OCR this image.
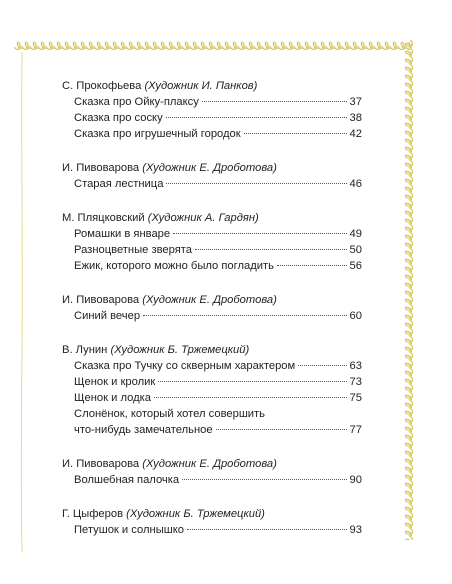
С. Прокофьева (Художник И. Панков)
Сказка про Ойку-плаксу	37
Сказка про соску	38
Сказка про игрушечный городок	42
И. Пивоварова (Художник Е. Дроботова)
Старая лестница	46
М. Пляцковский (Художник А. Гардян)
Ромашки в январе	49
Разноцветные зверята	50
Ежик, которого можно было погладить	56
И. Пивоварова (Художник Е. Дроботова)
Синий вечер	60
В. Лунин (Художник Б. Тржемецкий)
Сказка про Тучку со скверным характером	63
Щенок и кролик	73
Щенок и лодка	75
Слонёнок, который хотел совершить
что-нибудь замечательное	77
И. Пивоварова (Художник Е. Дроботова)
Волшебная палочка	90
Г. Цыферов (Художник Б. Тржемецкий)
Петушок и солнышко	93
